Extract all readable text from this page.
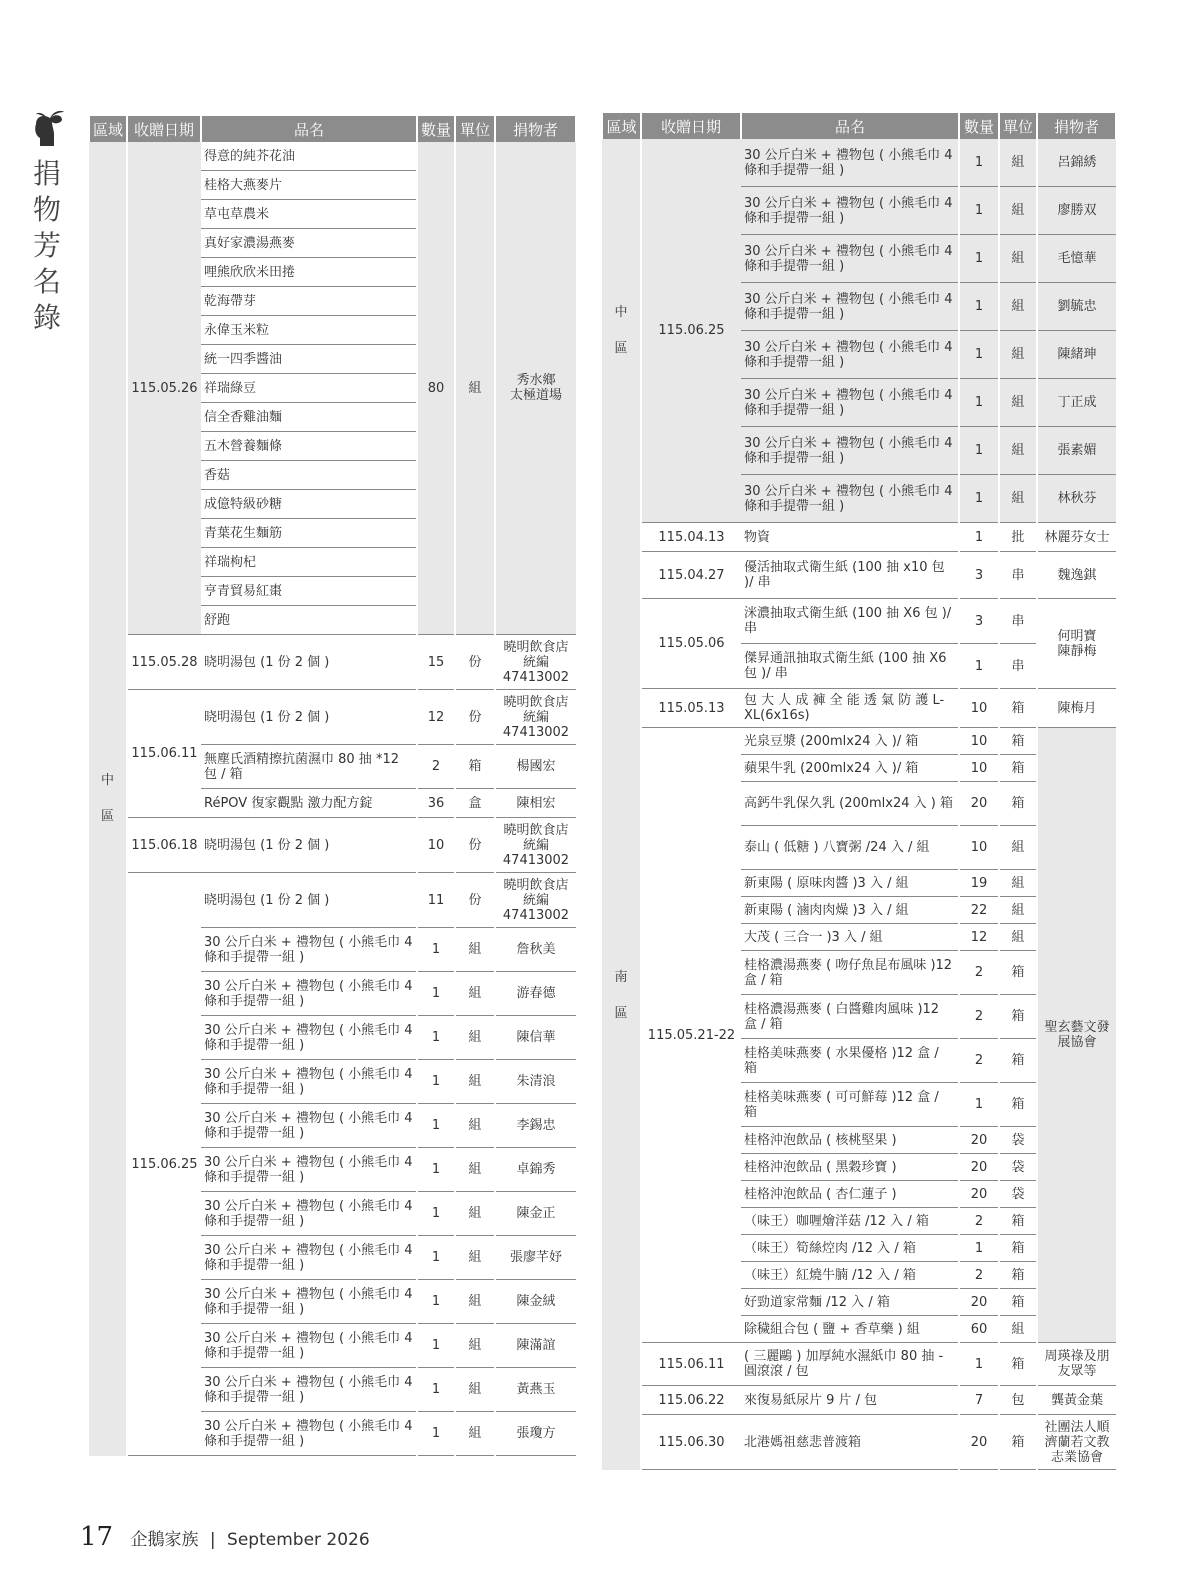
捐物芳名錄
區域	收贈日期	品名	數量	單位	捐物者

中
區	115.05.26	得意的純芥花油	80	組	秀水鄉
太極道場
		桂格大燕麥片			
		草屯草農米			
		真好家濃湯燕麥			
		哩熊欣欣米田捲			
		乾海帶芽			
		永偉玉米粒			
		統一四季醬油			
		祥瑞綠豆			
		信全香雞油麵			
		五木營養麵條			
		香菇			
		成億特級砂糖			
		青葉花生麵筋			
		祥瑞枸杞			
		亨青貿易紅棗			
		舒跑			
	115.05.28	晓明湯包 (1 份 2 個 )	15	份	曉明飲食店
統編
47413002
	115.06.11	晓明湯包 (1 份 2 個 )	12	份	曉明飲食店
統編
47413002
		無塵氏酒精擦抗菌濕巾 80 抽 *12 包 / 箱	2	箱	楊國宏
		RéPOV 復家觀點 激力配方錠	36	盒	陳相宏
	115.06.18	晓明湯包 (1 份 2 個 )	10	份	曉明飲食店
統編
47413002
	115.06.25	晓明湯包 (1 份 2 個 )	11	份	曉明飲食店
統編
47413002
		30 公斤白米 + 禮物包 ( 小熊毛巾 4 條和手提帶一組 )	1	組	詹秋美
		30 公斤白米 + 禮物包 ( 小熊毛巾 4 條和手提帶一組 )	1	組	游春德
		30 公斤白米 + 禮物包 ( 小熊毛巾 4 條和手提帶一組 )	1	組	陳信華
		30 公斤白米 + 禮物包 ( 小熊毛巾 4 條和手提帶一組 )	1	組	朱清浪
		30 公斤白米 + 禮物包 ( 小熊毛巾 4 條和手提帶一組 )	1	組	李錫忠
		30 公斤白米 + 禮物包 ( 小熊毛巾 4 條和手提帶一組 )	1	組	卓錦秀
		30 公斤白米 + 禮物包 ( 小熊毛巾 4 條和手提帶一組 )	1	組	陳金正
		30 公斤白米 + 禮物包 ( 小熊毛巾 4 條和手提帶一組 )	1	組	張廖芊妤
		30 公斤白米 + 禮物包 ( 小熊毛巾 4 條和手提帶一組 )	1	組	陳金絨
		30 公斤白米 + 禮物包 ( 小熊毛巾 4 條和手提帶一組 )	1	組	陳滿誼
		30 公斤白米 + 禮物包 ( 小熊毛巾 4 條和手提帶一組 )	1	組	黃燕玉
		30 公斤白米 + 禮物包 ( 小熊毛巾 4 條和手提帶一組 )	1	組	張瓊方
區域	收贈日期	品名	數量	單位	捐物者

中
區	115.06.25	30 公斤白米 + 禮物包 ( 小熊毛巾 4 條和手提帶一組 )	1	組	呂錦綉
		30 公斤白米 + 禮物包 ( 小熊毛巾 4 條和手提帶一組 )	1	組	廖勝双
		30 公斤白米 + 禮物包 ( 小熊毛巾 4 條和手提帶一組 )	1	組	毛憶華
		30 公斤白米 + 禮物包 ( 小熊毛巾 4 條和手提帶一組 )	1	組	劉毓忠
		30 公斤白米 + 禮物包 ( 小熊毛巾 4 條和手提帶一組 )	1	組	陳緒珅
		30 公斤白米 + 禮物包 ( 小熊毛巾 4 條和手提帶一組 )	1	組	丁正成
		30 公斤白米 + 禮物包 ( 小熊毛巾 4 條和手提帶一組 )	1	組	張素媚
		30 公斤白米 + 禮物包 ( 小熊毛巾 4 條和手提帶一組 )	1	組	林秋芬

南
區	115.04.13	物資	1	批	林麗芬女士
	115.04.27	優活抽取式衛生紙 (100 抽 x10 包 )/ 串	3	串	魏逸錤
	115.05.06	洣濃抽取式衛生紙 (100 抽 X6 包 )/ 串	3	串	何明寶
陳靜梅
		傑昇通訊抽取式衛生紙 (100 抽 X6 包 )/ 串	1	串	
	115.05.13	包 大 人 成 褲 全 能 透 氣 防 護 L-XL(6x16s)	10	箱	陳梅月
	115.05.21-22	光泉豆漿 (200mlx24 入 )/ 箱	10	箱	聖玄藝文發
展協會
		蘋果牛乳 (200mlx24 入 )/ 箱	10	箱	
		高鈣牛乳保久乳 (200mlx24 入 ) 箱	20	箱	
		泰山 ( 低糖 ) 八寶粥 /24 入 / 組	10	組	
		新東陽 ( 原味肉醬 )3 入 / 組	19	組	
		新東陽 ( 滷肉肉燥 )3 入 / 組	22	組	
		大茂 ( 三合一 )3 入 / 組	12	組	
		桂格濃湯燕麥 ( 吻仔魚昆布風味 )12 盒 / 箱	2	箱	
		桂格濃湯燕麥 ( 白醬雞肉風味 )12 盒 / 箱	2	箱	
		桂格美味燕麥 ( 水果優格 )12 盒 / 箱	2	箱	
		桂格美味燕麥 ( 可可鮮莓 )12 盒 / 箱	1	箱	
		桂格沖泡飲品 ( 核桃堅果 )	20	袋	
		桂格沖泡飲品 ( 黑穀珍寶 )	20	袋	
		桂格沖泡飲品 ( 杏仁蓮子 )	20	袋	
		（味王）咖喱燴洋菇 /12 入 / 箱	2	箱	
		（味王）筍絲焢肉 /12 入 / 箱	1	箱	
		（味王）紅燒牛腩 /12 入 / 箱	2	箱	
		好勁道家常麵 /12 入 / 箱	20	箱	
		除穢組合包 ( 鹽 + 香草藥 ) 組	60	組	
	115.06.11	( 三麗鷗 ) 加厚純水濕紙巾 80 抽 - 圓滾滾 / 包	1	箱	周瑛祿及朋
友眾等
	115.06.22	來復易紙尿片 9 片 / 包	7	包	龔黃金葉
	115.06.30	北港媽祖慈悲普渡箱	20	箱	社團法人順
濟蘭若文教
志業協會
17 企鵝家族 | September 2026
